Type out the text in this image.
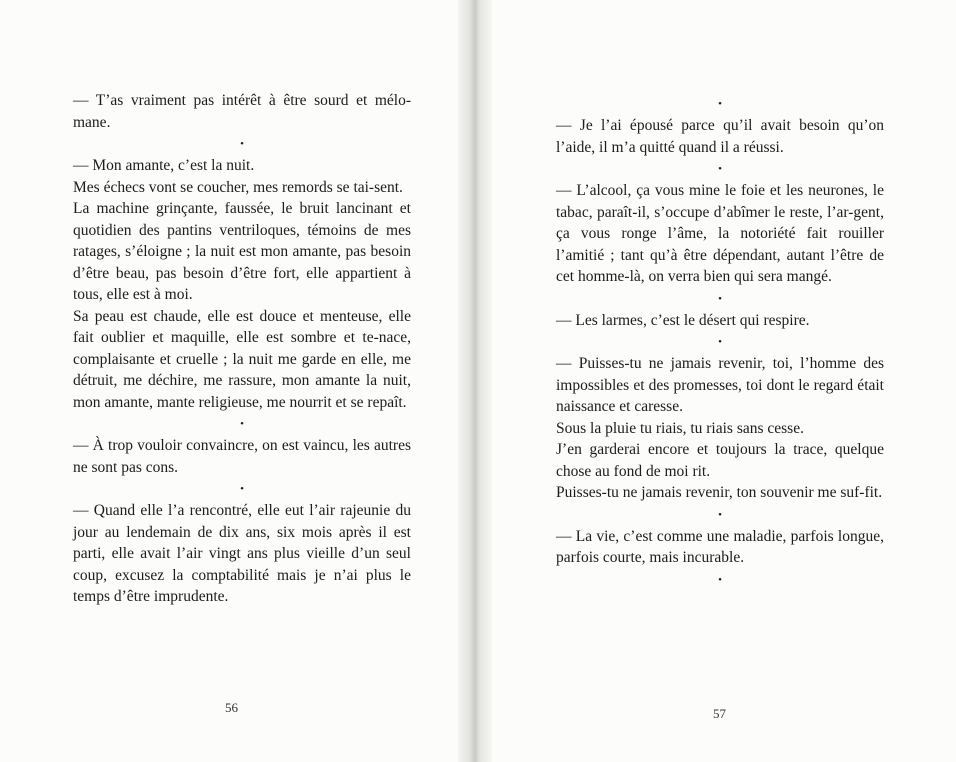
— T’as vraiment pas intérêt à être sourd et mélo-mane.

•

— Mon amante, c’est la nuit.

Mes échecs vont se coucher, mes remords se tai-sent.

La machine grinçante, faussée, le bruit lancinant et quotidien des pantins ventriloques, témoins de mes ratages, s’éloigne ; la nuit est mon amante, pas besoin d’être beau, pas besoin d’être fort, elle appartient à tous, elle est à moi.

Sa peau est chaude, elle est douce et menteuse, elle fait oublier et maquille, elle est sombre et te-nace, complaisante et cruelle ; la nuit me garde en elle, me détruit, me déchire, me rassure, mon amante la nuit, mon amante, mante religieuse, me nourrit et se repaît.

•

— À trop vouloir convaincre, on est vaincu, les autres ne sont pas cons.

•

— Quand elle l’a rencontré, elle eut l’air rajeunie du jour au lendemain de dix ans, six mois après il est parti, elle avait l’air vingt ans plus vieille d’un seul coup, excusez la comptabilité mais je n’ai plus le temps d’être imprudente.

56
•

— Je l’ai épousé parce qu’il avait besoin qu’on l’aide, il m’a quitté quand il a réussi.

•

— L’alcool, ça vous mine le foie et les neurones, le tabac, paraît-il, s’occupe d’abîmer le reste, l’ar-gent, ça vous ronge l’âme, la notoriété fait rouiller l’amitié ; tant qu’à être dépendant, autant l’être de cet homme-là, on verra bien qui sera mangé.

•

— Les larmes, c’est le désert qui respire.

•

— Puisses-tu ne jamais revenir, toi, l’homme des impossibles et des promesses, toi dont le regard était naissance et caresse.

Sous la pluie tu riais, tu riais sans cesse.

J’en garderai encore et toujours la trace, quelque chose au fond de moi rit.

Puisses-tu ne jamais revenir, ton souvenir me suf-fit.

•

— La vie, c’est comme une maladie, parfois longue, parfois courte, mais incurable.

•
57
